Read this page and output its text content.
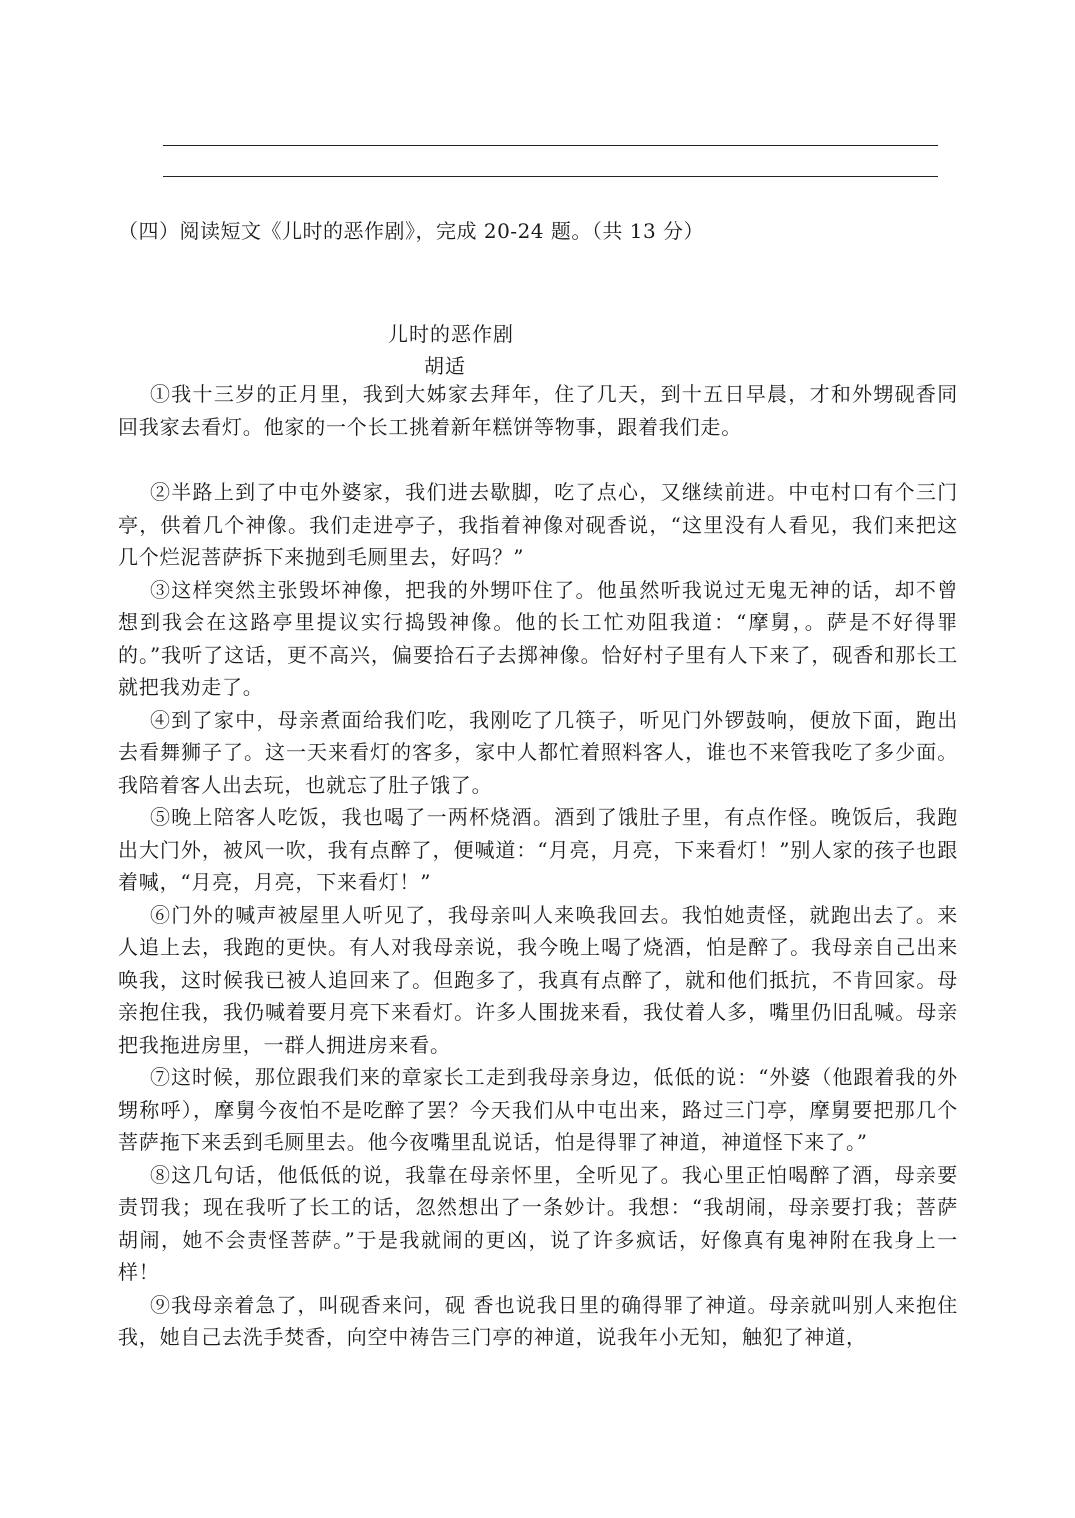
（四）阅读短文《儿时的恶作剧》，完成 20-24 题。（共 13 分）
儿时的恶作剧
胡适

①我十三岁的正月里，我到大姊家去拜年，住了几天，到十五日早晨，才和外甥砚香同回我家去看灯。他家的一个长工挑着新年糕饼等物事，跟着我们走。

②半路上到了中屯外婆家，我们进去歇脚，吃了点心，又继续前进。中屯村口有个三门亭，供着几个神像。我们走进亭子，我指着神像对砚香说，“这里没有人看见，我们来把这几个烂泥菩萨拆下来抛到毛厕里去，好吗？”

③这样突然主张毁坏神像，把我的外甥吓住了。他虽然听我说过无鬼无神的话，却不曾想到我会在这路亭里提议实行捣毁神像。他的长工忙劝阻我道：“摩舅，。萨是不好得罪的。”我听了这话，更不高兴，偏要拾石子去掷神像。恰好村子里有人下来了，砚香和那长工就把我劝走了。

④到了家中，母亲煮面给我们吃，我刚吃了几筷子，听见门外锣鼓响，便放下面，跑出去看舞狮子了。这一天来看灯的客多，家中人都忙着照料客人，谁也不来管我吃了多少面。我陪着客人出去玩，也就忘了肚子饿了。

⑤晚上陪客人吃饭，我也喝了一两杯烧酒。酒到了饿肚子里，有点作怪。晚饭后，我跑出大门外，被风一吹，我有点醉了，便喊道：“月亮，月亮，下来看灯！”别人家的孩子也跟着喊，“月亮，月亮，下来看灯！”

⑥门外的喊声被屋里人听见了，我母亲叫人来唤我回去。我怕她责怪，就跑出去了。来人追上去，我跑的更快。有人对我母亲说，我今晚上喝了烧酒，怕是醉了。我母亲自己出来唤我，这时候我已被人追回来了。但跑多了，我真有点醉了，就和他们抵抗，不肯回家。母亲抱住我，我仍喊着要月亮下来看灯。许多人围拢来看，我仗着人多，嘴里仍旧乱喊。母亲把我拖进房里，一群人拥进房来看。

⑦这时候，那位跟我们来的章家长工走到我母亲身边，低低的说：“外婆（他跟着我的外甥称呼），摩舅今夜怕不是吃醉了罢？今天我们从中屯出来，路过三门亭，摩舅要把那几个菩萨拖下来丢到毛厕里去。他今夜嘴里乱说话，怕是得罪了神道，神道怪下来了。”

⑧这几句话，他低低的说，我靠在母亲怀里，全听见了。我心里正怕喝醉了酒，母亲要责罚我；现在我听了长工的话，忽然想出了一条妙计。我想：“我胡闹，母亲要打我；菩萨胡闹，她不会责怪菩萨。”于是我就闹的更凶，说了许多疯话，好像真有鬼神附在我身上一样！

⑨我母亲着急了，叫砚香来问，砚 香也说我日里的确得罪了神道。母亲就叫别人来抱住我，她自己去洗手焚香，向空中祷告三门亭的神道，说我年小无知，触犯了神道，
